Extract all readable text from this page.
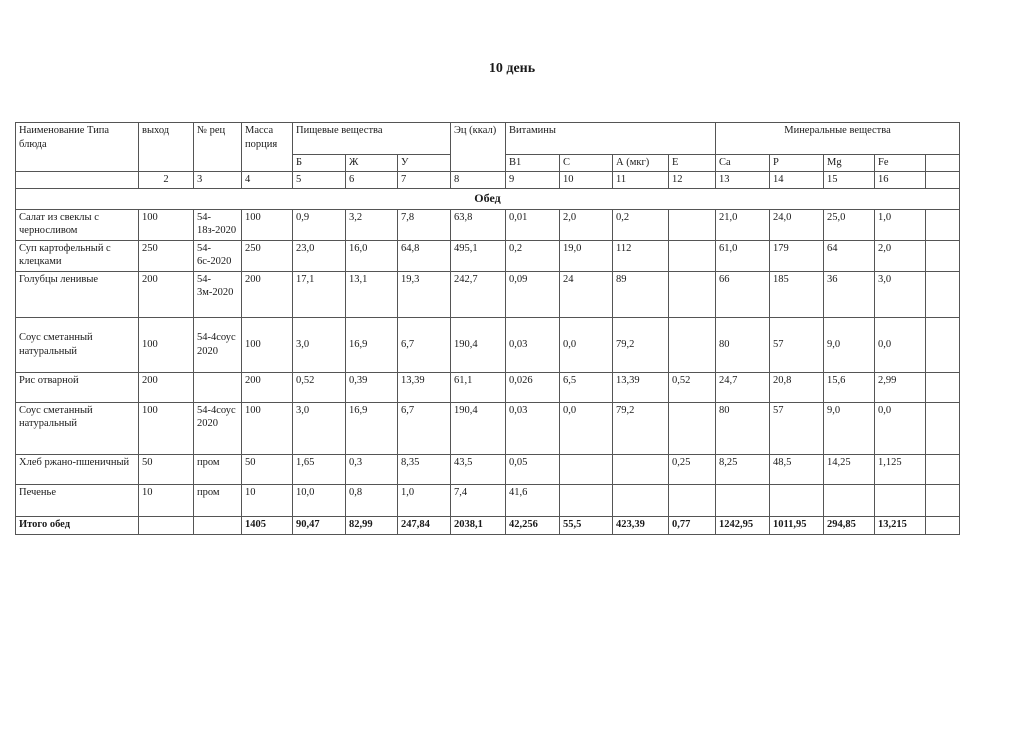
10 день
Наименование Типа блюда	выход	№ рец	Масса порция	Пищевые вещества			Эц (ккал)	Витамины				Минеральные вещества				
				Б	Ж	У		В1	С	А (мкг)	Е	Са	Р	Mg	Fe	
	2	3	4	5	6	7	8	9	10	11	12	13	14	15	16	
Обед																
Салат из свеклы с черносливом	100	54-18з-2020	100	0,9	3,2	7,8	63,8	0,01	2,0	0,2		21,0	24,0	25,0	1,0	
Суп картофельный с клецками	250	54-6с-2020	250	23,0	16,0	64,8	495,1	0,2	19,0	112		61,0	179	64	2,0	
Голубцы ленивые	200	54-3м-2020	200	17,1	13,1	19,3	242,7	0,09	24	89		66	185	36	3,0	
Соус сметанный натуральный	100	54-4соус 2020	100	3,0	16,9	6,7	190,4	0,03	0,0	79,2		80	57	9,0	0,0	
Рис отварной	200		200	0,52	0,39	13,39	61,1	0,026	6,5	13,39	0,52	24,7	20,8	15,6	2,99	
Соус сметанный натуральный	100	54-4соус 2020	100	3,0	16,9	6,7	190,4	0,03	0,0	79,2		80	57	9,0	0,0	
Хлеб ржано-пшеничный	50	пром	50	1,65	0,3	8,35	43,5	0,05			0,25	8,25	48,5	14,25	1,125	
Печенье	10	пром	10	10,0	0,8	1,0	7,4	41,6								
Итого обед			1405	90,47	82,99	247,84	2038,1	42,256	55,5	423,39	0,77	1242,95	1011,95	294,85	13,215	
